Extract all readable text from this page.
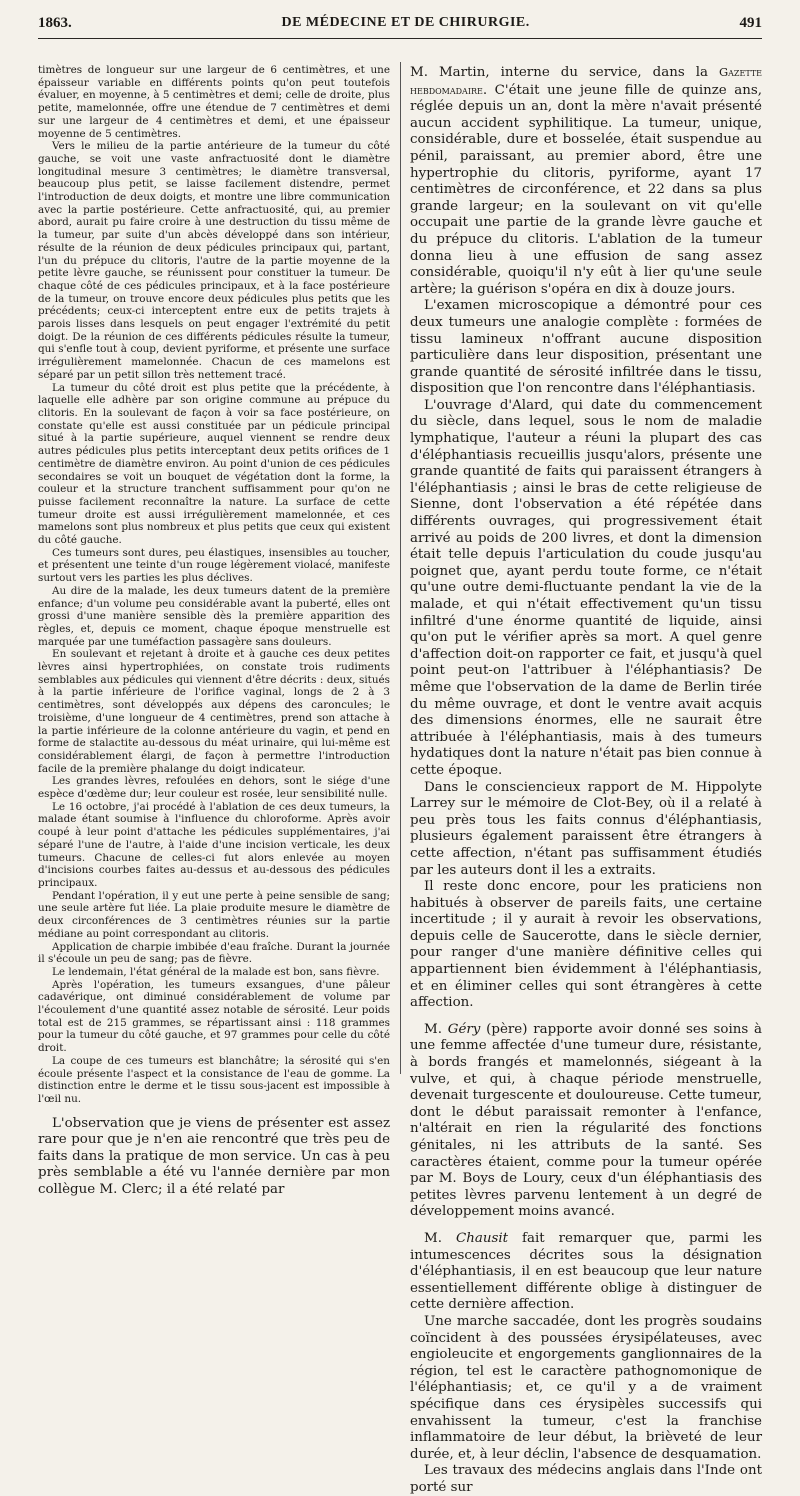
1863.	DE MÉDECINE ET DE CHIRURGIE.	491

timètres de longueur sur une largeur de 6 centimètres, et une épaisseur variable en différents points qu'on peut toutefois évaluer, en moyenne, à 5 centimètres et demi; celle de droite, plus petite, mamelonnée, offre une étendue de 7 centimètres et demi sur une largeur de 4 centimètres et demi, et une épaisseur moyenne de 5 centimètres.

Vers le milieu de la partie antérieure de la tumeur du côté gauche, se voit une vaste anfractuosité dont le diamètre longitudinal mesure 3 centimètres; le diamètre transversal, beaucoup plus petit, se laisse facilement distendre, permet l'introduction de deux doigts, et montre une libre communication avec la partie postérieure. Cette anfractuosité, qui, au premier abord, aurait pu faire croire à une destruction du tissu même de la tumeur, par suite d'un abcès développé dans son intérieur, résulte de la réunion de deux pédicules principaux qui, partant, l'un du prépuce du clitoris, l'autre de la partie moyenne de la petite lèvre gauche, se réunissent pour constituer la tumeur. De chaque côté de ces pédicules principaux, et à la face postérieure de la tumeur, on trouve encore deux pédicules plus petits que les précédents; ceux-ci interceptent entre eux de petits trajets à parois lisses dans lesquels on peut engager l'extrémité du petit doigt. De la réunion de ces différents pédicules résulte la tumeur, qui s'enfle tout à coup, devient pyriforme, et présente une surface irrégulièrement mamelonnée. Chacun de ces mamelons est séparé par un petit sillon très nettement tracé.

La tumeur du côté droit est plus petite que la précédente, à laquelle elle adhère par son origine commune au prépuce du clitoris. En la soulevant de façon à voir sa face postérieure, on constate qu'elle est aussi constituée par un pédicule principal situé à la partie supérieure, auquel viennent se rendre deux autres pédicules plus petits interceptant deux petits orifices de 1 centimètre de diamètre environ. Au point d'union de ces pédicules secondaires se voit un bouquet de végétation dont la forme, la couleur et la structure tranchent suffisamment pour qu'on ne puisse facilement reconnaître la nature. La surface de cette tumeur droite est aussi irrégulièrement mamelonnée, et ces mamelons sont plus nombreux et plus petits que ceux qui existent du côté gauche.

Ces tumeurs sont dures, peu élastiques, insensibles au toucher, et présentent une teinte d'un rouge légèrement violacé, manifeste surtout vers les parties les plus déclives.

Au dire de la malade, les deux tumeurs datent de la première enfance; d'un volume peu considérable avant la puberté, elles ont grossi d'une manière sensible dès la première apparition des règles, et, depuis ce moment, chaque époque menstruelle est marquée par une tuméfaction passagère sans douleurs.

En soulevant et rejetant à droite et à gauche ces deux petites lèvres ainsi hypertrophiées, on constate trois rudiments semblables aux pédicules qui viennent d'être décrits : deux, situés à la partie inférieure de l'orifice vaginal, longs de 2 à 3 centimètres, sont développés aux dépens des caroncules; le troisième, d'une longueur de 4 centimètres, prend son attache à la partie inférieure de la colonne antérieure du vagin, et pend en forme de stalactite au-dessous du méat urinaire, qui lui-même est considérablement élargi, de façon à permettre l'introduction facile de la première phalange du doigt indicateur.

Les grandes lèvres, refoulées en dehors, sont le siége d'une espèce d'œdème dur; leur couleur est rosée, leur sensibilité nulle.

Le 16 octobre, j'ai procédé à l'ablation de ces deux tumeurs, la malade étant soumise à l'influence du chloroforme. Après avoir coupé à leur point d'attache les pédicules supplémentaires, j'ai séparé l'une de l'autre, à l'aide d'une incision verticale, les deux tumeurs. Chacune de celles-ci fut alors enlevée au moyen d'incisions courbes faites au-dessus et au-dessous des pédicules principaux.

Pendant l'opération, il y eut une perte à peine sensible de sang; une seule artère fut liée. La plaie produite mesure le diamètre de deux circonférences de 3 centimètres réunies sur la partie médiane au point correspondant au clitoris.

Application de charpie imbibée d'eau fraîche. Durant la journée il s'écoule un peu de sang; pas de fièvre.

Le lendemain, l'état général de la malade est bon, sans fièvre.

Après l'opération, les tumeurs exsangues, d'une pâleur cadavérique, ont diminué considérablement de volume par l'écoulement d'une quantité assez notable de sérosité. Leur poids total est de 215 grammes, se répartissant ainsi : 118 grammes pour la tumeur du côté gauche, et 97 grammes pour celle du côté droit.

La coupe de ces tumeurs est blanchâtre; la sérosité qui s'en écoule présente l'aspect et la consistance de l'eau de gomme. La distinction entre le derme et le tissu sous-jacent est impossible à l'œil nu.

L'observation que je viens de présenter est assez rare pour que je n'en aie rencontré que très peu de faits dans la pratique de mon service. Un cas à peu près semblable a été vu l'année dernière par mon collègue M. Clerc; il a été relaté par

M. Martin, interne du service, dans la Gazette hebdomadaire. C'était une jeune fille de quinze ans, réglée depuis un an, dont la mère n'avait présenté aucun accident syphilitique. La tumeur, unique, considérable, dure et bosselée, était suspendue au pénil, paraissant, au premier abord, être une hypertrophie du clitoris, pyriforme, ayant 17 centimètres de circonférence, et 22 dans sa plus grande largeur; en la soulevant on vit qu'elle occupait une partie de la grande lèvre gauche et du prépuce du clitoris. L'ablation de la tumeur donna lieu à une effusion de sang assez considérable, quoiqu'il n'y eût à lier qu'une seule artère; la guérison s'opéra en dix à douze jours.

L'examen microscopique a démontré pour ces deux tumeurs une analogie complète : formées de tissu lamineux n'offrant aucune disposition particulière dans leur disposition, présentant une grande quantité de sérosité infiltrée dans le tissu, disposition que l'on rencontre dans l'éléphantiasis.

L'ouvrage d'Alard, qui date du commencement du siècle, dans lequel, sous le nom de maladie lymphatique, l'auteur a réuni la plupart des cas d'éléphantiasis recueillis jusqu'alors, présente une grande quantité de faits qui paraissent étrangers à l'éléphantiasis ; ainsi le bras de cette religieuse de Sienne, dont l'observation a été répétée dans différents ouvrages, qui progressivement était arrivé au poids de 200 livres, et dont la dimension était telle depuis l'articulation du coude jusqu'au poignet que, ayant perdu toute forme, ce n'était qu'une outre demi-fluctuante pendant la vie de la malade, et qui n'était effectivement qu'un tissu infiltré d'une énorme quantité de liquide, ainsi qu'on put le vérifier après sa mort. A quel genre d'affection doit-on rapporter ce fait, et jusqu'à quel point peut-on l'attribuer à l'éléphantiasis? De même que l'observation de la dame de Berlin tirée du même ouvrage, et dont le ventre avait acquis des dimensions énormes, elle ne saurait être attribuée à l'éléphantiasis, mais à des tumeurs hydatiques dont la nature n'était pas bien connue à cette époque.

Dans le consciencieux rapport de M. Hippolyte Larrey sur le mémoire de Clot-Bey, où il a relaté à peu près tous les faits connus d'éléphantiasis, plusieurs également paraissent être étrangers à cette affection, n'étant pas suffisamment étudiés par les auteurs dont il les a extraits.

Il reste donc encore, pour les praticiens non habitués à observer de pareils faits, une certaine incertitude ; il y aurait à revoir les observations, depuis celle de Saucerotte, dans le siècle dernier, pour ranger d'une manière définitive celles qui appartiennent bien évidemment à l'éléphantiasis, et en éliminer celles qui sont étrangères à cette affection.

M. Géry (père) rapporte avoir donné ses soins à une femme affectée d'une tumeur dure, résistante, à bords frangés et mamelonnés, siégeant à la vulve, et qui, à chaque période menstruelle, devenait turgescente et douloureuse. Cette tumeur, dont le début paraissait remonter à l'enfance, n'altérait en rien la régularité des fonctions génitales, ni les attributs de la santé. Ses caractères étaient, comme pour la tumeur opérée par M. Boys de Loury, ceux d'un éléphantiasis des petites lèvres parvenu lentement à un degré de développement moins avancé.

M. Chausit fait remarquer que, parmi les intumescences décrites sous la désignation d'éléphantiasis, il en est beaucoup que leur nature essentiellement différente oblige à distinguer de cette dernière affection.

Une marche saccadée, dont les progrès soudains coïncident à des poussées érysipélateuses, avec engioleucite et engorgements ganglionnaires de la région, tel est le caractère pathognomonique de l'éléphantiasis; et, ce qu'il y a de vraiment spécifique dans ces érysipèles successifs qui envahissent la tumeur, c'est la franchise inflammatoire de leur début, la brièveté de leur durée, et, à leur déclin, l'absence de desquamation.

Les travaux des médecins anglais dans l'Inde ont porté sur
